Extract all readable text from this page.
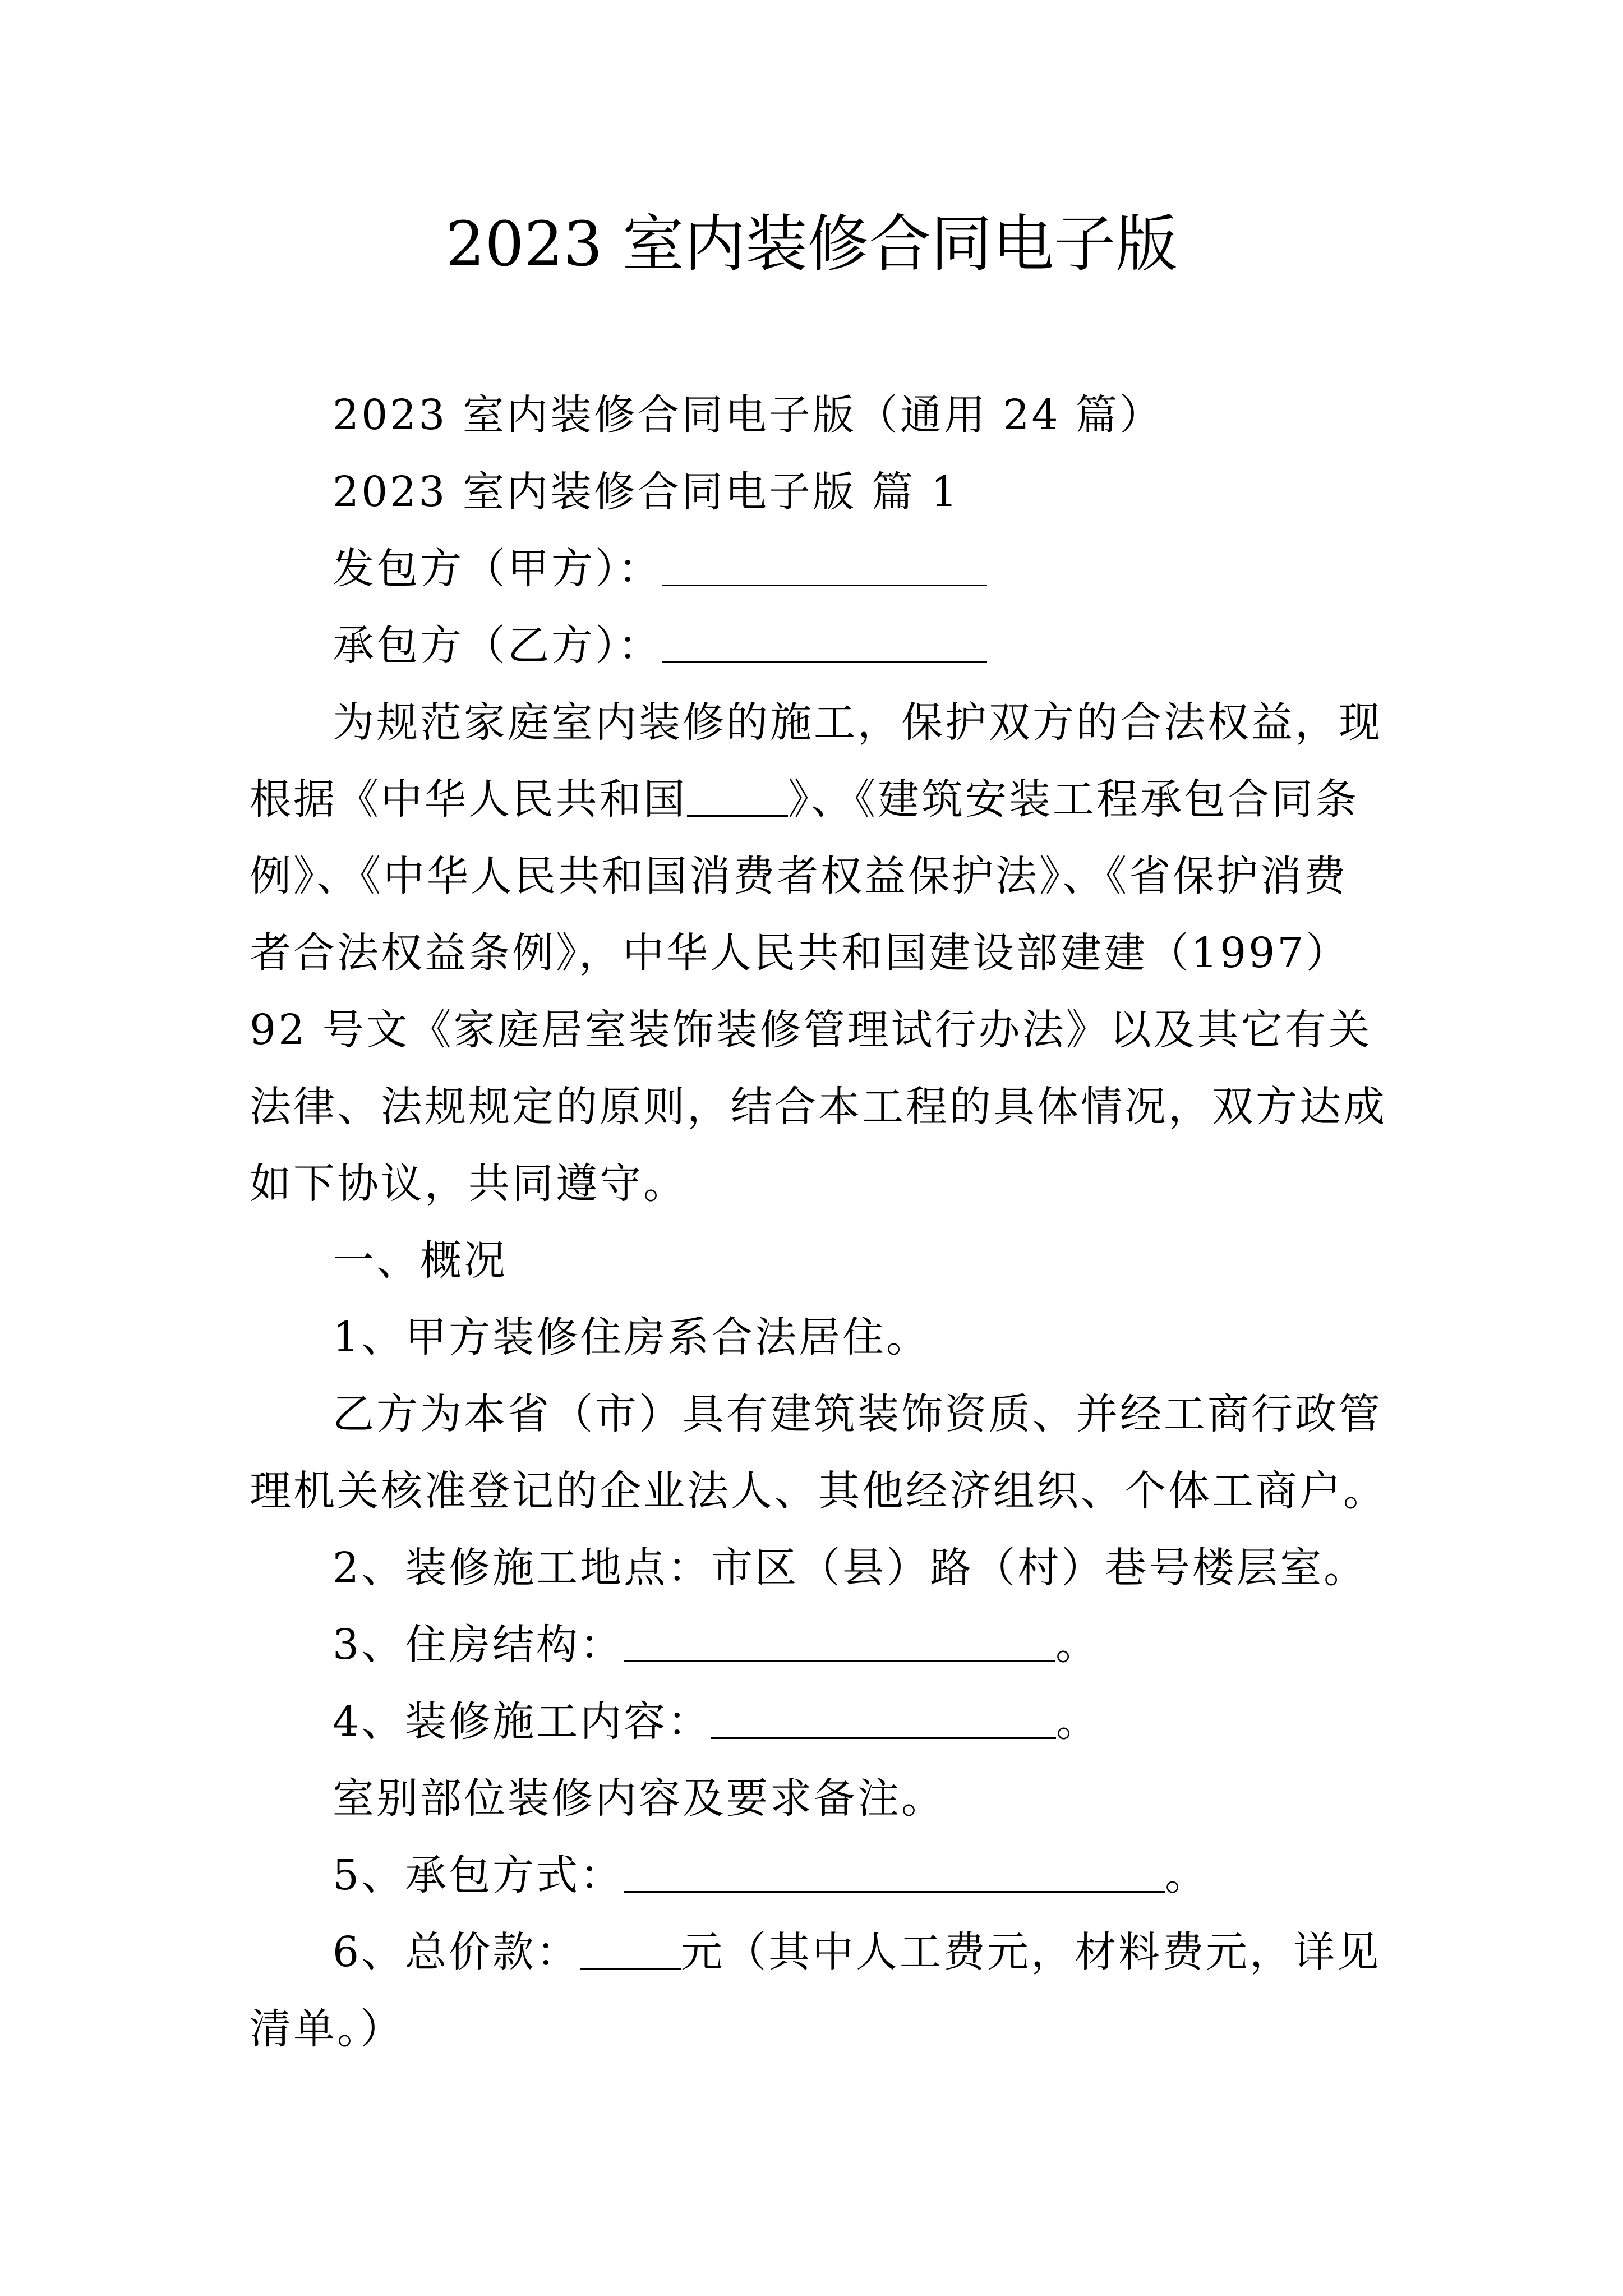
2023 室内装修合同电子版

2023 室内装修合同电子版（通用 24 篇）

2023 室内装修合同电子版 篇 1

发包方（甲方）：

承包方（乙方）：

为规范家庭室内装修的施工，保护双方的合法权益，现根据《中华人民共和国 》、《建筑安装工程承包合同条例》、《中华人民共和国消费者权益保护法》、《省保护消费者合法权益条例》，中华人民共和国建设部建建（1997）92 号文《家庭居室装饰装修管理试行办法》以及其它有关法律、法规规定的原则，结合本工程的具体情况，双方达成如下协议，共同遵守。

一、概况

1、甲方装修住房系合法居住。

乙方为本省（市）具有建筑装饰资质、并经工商行政管理机关核准登记的企业法人、其他经济组织、个体工商户。

2、装修施工地点：市区（县）路（村）巷号楼层室。

3、住房结构：	。

4、装修施工内容：	。

室别部位装修内容及要求备注。

5、承包方式：	。

6、总价款： 元（其中人工费元，材料费元，详见清单。）
